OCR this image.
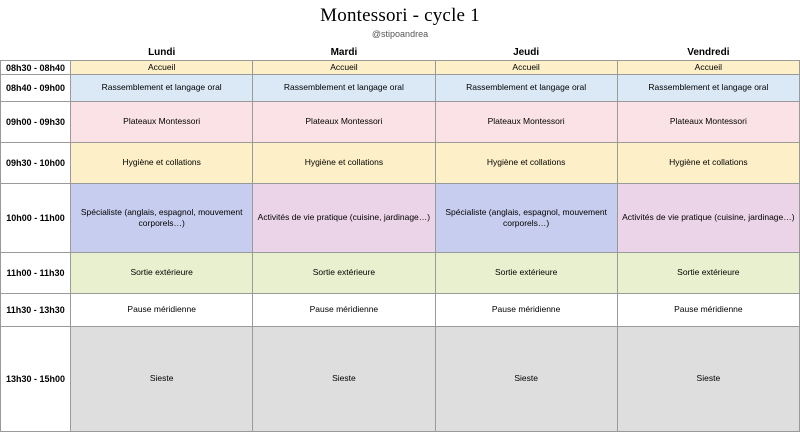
Montessori - cycle 1
@stipoandrea
	Lundi	Mardi	Jeudi	Vendredi
08h30 - 08h40	Accueil	Accueil	Accueil	Accueil

08h40 - 09h00	Rassemblement et langage oral	Rassemblement et langage oral	Rassemblement et langage oral	Rassemblement et langage oral

09h00 - 09h30	Plateaux Montessori	Plateaux Montessori	Plateaux Montessori	Plateaux Montessori

09h30 - 10h00	Hygiène et collations	Hygiène et collations	Hygiène et collations	Hygiène et collations

10h00 - 11h00	Spécialiste (anglais, espagnol, mouvement corporels…)	Activités de vie pratique (cuisine, jardinage…)	Spécialiste (anglais, espagnol, mouvement corporels…)	Activités de vie pratique (cuisine, jardinage…)

11h00 - 11h30	Sortie extérieure	Sortie extérieure	Sortie extérieure	Sortie extérieure

11h30 - 13h30	Pause méridienne	Pause méridienne	Pause méridienne	Pause méridienne

13h30 - 15h00	Sieste	Sieste	Sieste	Sieste
